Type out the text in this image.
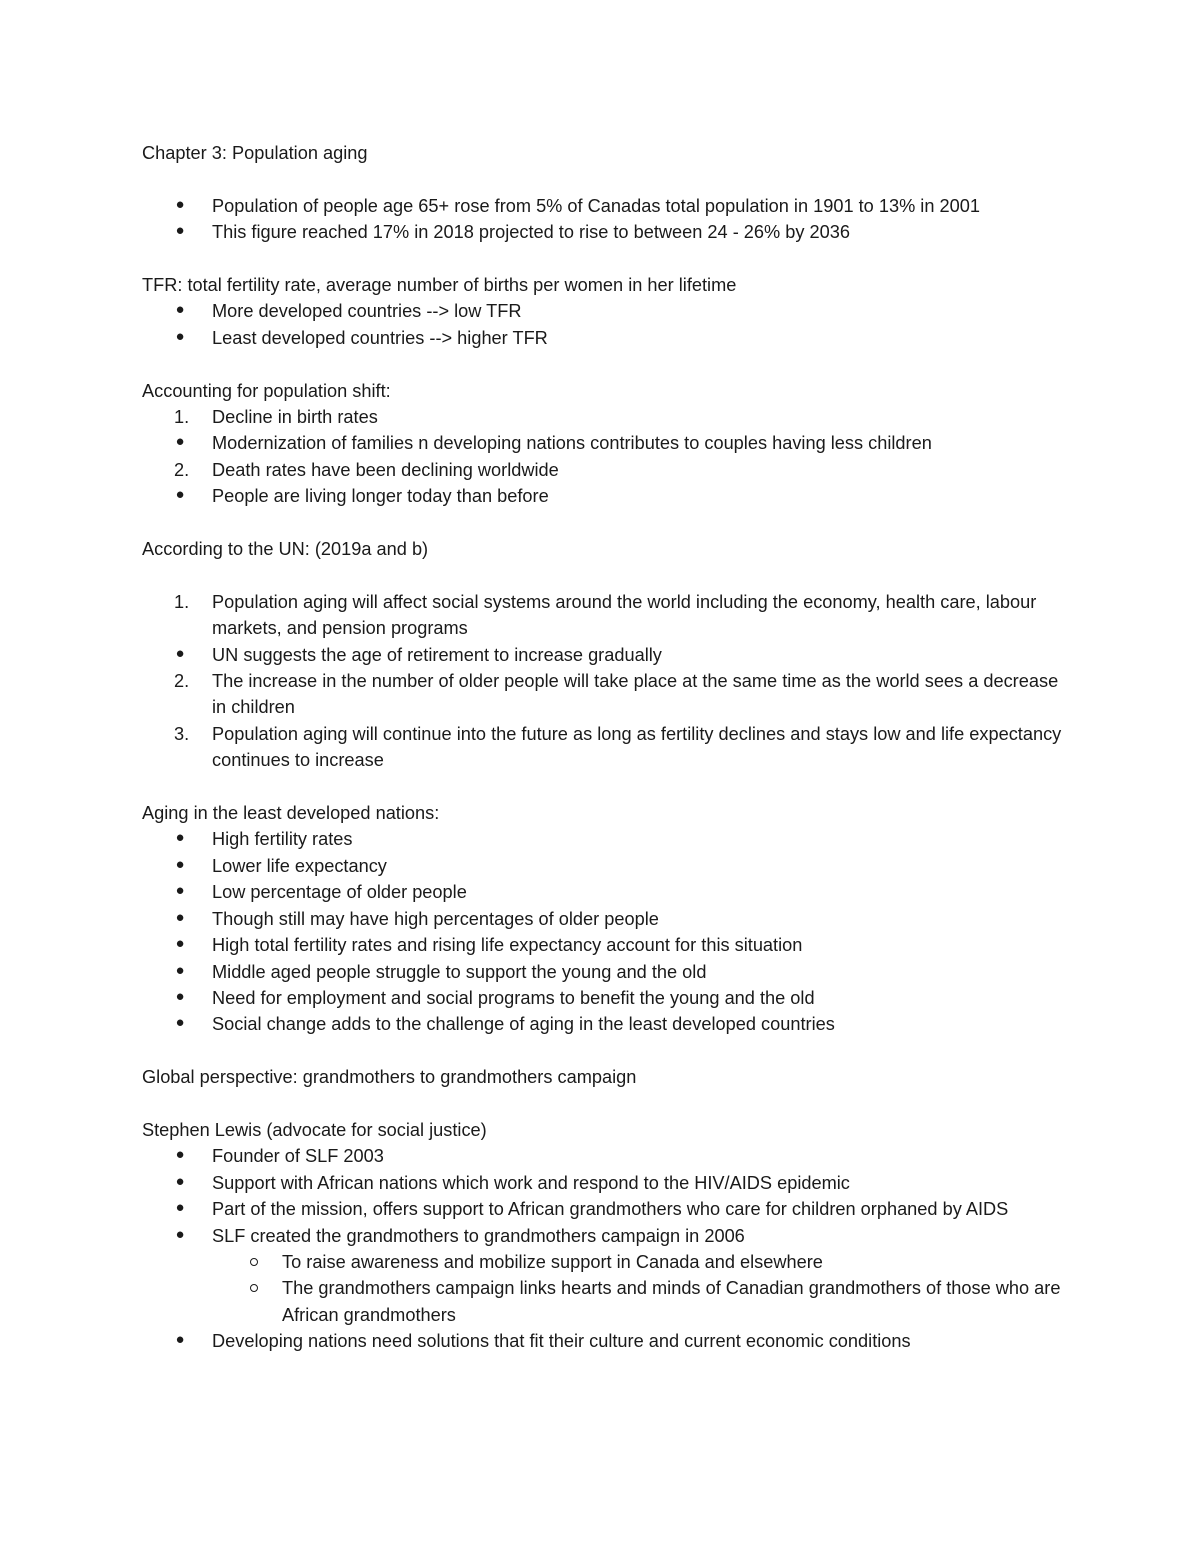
Chapter 3: Population aging

● Population of people age 65+ rose from 5% of Canadas total population in 1901 to 13% in 2001
● This figure reached 17% in 2018 projected to rise to between 24 - 26% by 2036

TFR: total fertility rate, average number of births per women in her lifetime

● More developed countries --> low TFR
● Least developed countries --> higher TFR

Accounting for population shift:

1. Decline in birth rates
● Modernization of families n developing nations contributes to couples having less children
2. Death rates have been declining worldwide
● People are living longer today than before

According to the UN: (2019a and b)

1. Population aging will affect social systems around the world including the economy, health care, labour markets, and pension programs
● UN suggests the age of retirement to increase gradually
2. The increase in the number of older people will take place at the same time as the world sees a decrease in children
3. Population aging will continue into the future as long as fertility declines and stays low and life expectancy continues to increase

Aging in the least developed nations:

● High fertility rates
● Lower life expectancy
● Low percentage of older people
● Though still may have high percentages of older people
● High total fertility rates and rising life expectancy account for this situation
● Middle aged people struggle to support the young and the old
● Need for employment and social programs to benefit the young and the old
● Social change adds to the challenge of aging in the least developed countries

Global perspective: grandmothers to grandmothers campaign

Stephen Lewis (advocate for social justice)

● Founder of SLF 2003
● Support with African nations which work and respond to the HIV/AIDS epidemic
● Part of the mission, offers support to African grandmothers who care for children orphaned by AIDS
● SLF created the grandmothers to grandmothers campaign in 2006
To raise awareness and mobilize support in Canada and elsewhere
The grandmothers campaign links hearts and minds of Canadian grandmothers of those who are African grandmothers
● Developing nations need solutions that fit their culture and current economic conditions
